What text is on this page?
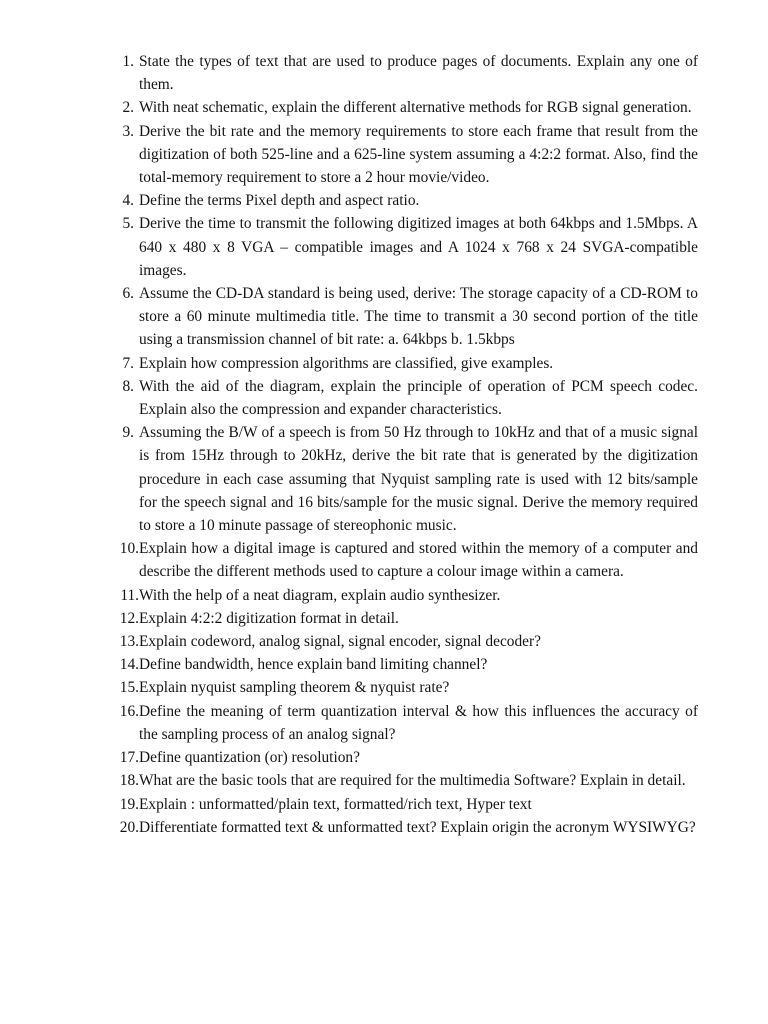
1. State the types of text that are used to produce pages of documents. Explain any one of them.
2. With neat schematic, explain the different alternative methods for RGB signal generation.
3. Derive the bit rate and the memory requirements to store each frame that result from the digitization of both 525-line and a 625-line system assuming a 4:2:2 format. Also, find the total-memory requirement to store a 2 hour movie/video.
4. Define the terms Pixel depth and aspect ratio.
5. Derive the time to transmit the following digitized images at both 64kbps and 1.5Mbps. A 640 x 480 x 8 VGA – compatible images and A 1024 x 768 x 24 SVGA-compatible images.
6. Assume the CD-DA standard is being used, derive: The storage capacity of a CD-ROM to store a 60 minute multimedia title. The time to transmit a 30 second portion of the title using a transmission channel of bit rate: a. 64kbps b. 1.5kbps
7. Explain how compression algorithms are classified, give examples.
8. With the aid of the diagram, explain the principle of operation of PCM speech codec. Explain also the compression and expander characteristics.
9. Assuming the B/W of a speech is from 50 Hz through to 10kHz and that of a music signal is from 15Hz through to 20kHz, derive the bit rate that is generated by the digitization procedure in each case assuming that Nyquist sampling rate is used with 12 bits/sample for the speech signal and 16 bits/sample for the music signal. Derive the memory required to store a 10 minute passage of stereophonic music.
10. Explain how a digital image is captured and stored within the memory of a computer and describe the different methods used to capture a colour image within a camera.
11. With the help of a neat diagram, explain audio synthesizer.
12. Explain 4:2:2 digitization format in detail.
13. Explain codeword, analog signal, signal encoder, signal decoder?
14. Define bandwidth, hence explain band limiting channel?
15. Explain nyquist sampling theorem & nyquist rate?
16. Define the meaning of term quantization interval & how this influences the accuracy of the sampling process of an analog signal?
17. Define quantization (or) resolution?
18. What are the basic tools that are required for the multimedia Software? Explain in detail.
19. Explain : unformatted/plain text, formatted/rich text, Hyper text
20. Differentiate formatted text & unformatted text? Explain origin the acronym WYSIWYG?
